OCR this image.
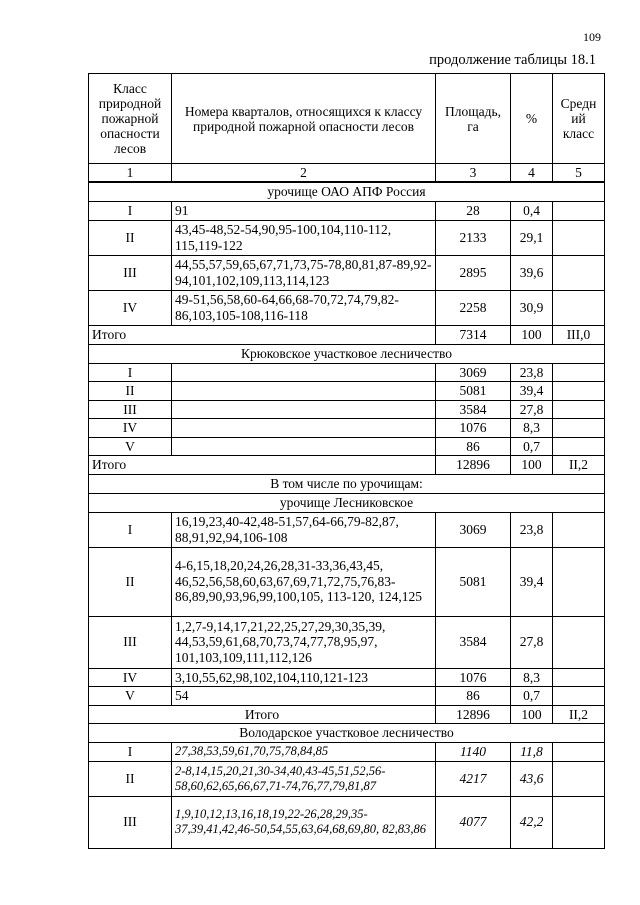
109
продолжение таблицы 18.1
Класс природной пожарной опасности лесов	Номера кварталов, относящихся к классу природной пожарной опасности лесов	Площадь, га	%	Средн ий класс
1	2	3	4	5
урочище ОАО АПФ Россия				
I	91	28	0,4	
II	43,45-48,52-54,90,95-100,104,110-112, 115,119-122	2133	29,1	
III	44,55,57,59,65,67,71,73,75-78,80,81,87-89,92-94,101,102,109,113,114,123	2895	39,6	
IV	49-51,56,58,60-64,66,68-70,72,74,79,82-86,103,105-108,116-118	2258	30,9	
Итого		7314	100	III,0
Крюковское участковое лесничество				
I		3069	23,8	
II		5081	39,4	
III		3584	27,8	
IV		1076	8,3	
V		86	0,7	
Итого		12896	100	II,2
В том числе по урочищам:				
урочище Лесниковское				
I	16,19,23,40-42,48-51,57,64-66,79-82,87, 88,91,92,94,106-108	3069	23,8	
II	4-6,15,18,20,24,26,28,31-33,36,43,45, 46,52,56,58,60,63,67,69,71,72,75,76,83-86,89,90,93,96,99,100,105, 113-120, 124,125	5081	39,4	
III	1,2,7-9,14,17,21,22,25,27,29,30,35,39, 44,53,59,61,68,70,73,74,77,78,95,97, 101,103,109,111,112,126	3584	27,8	
IV	3,10,55,62,98,102,104,110,121-123	1076	8,3	
V	54	86	0,7	
Итого		12896	100	II,2
Володарское участковое лесничество				
I	27,38,53,59,61,70,75,78,84,85	1140	11,8	
II	2-8,14,15,20,21,30-34,40,43-45,51,52,56-58,60,62,65,66,67,71-74,76,77,79,81,87	4217	43,6	
III	1,9,10,12,13,16,18,19,22-26,28,29,35-37,39,41,42,46-50,54,55,63,64,68,69,80, 82,83,86	4077	42,2	
